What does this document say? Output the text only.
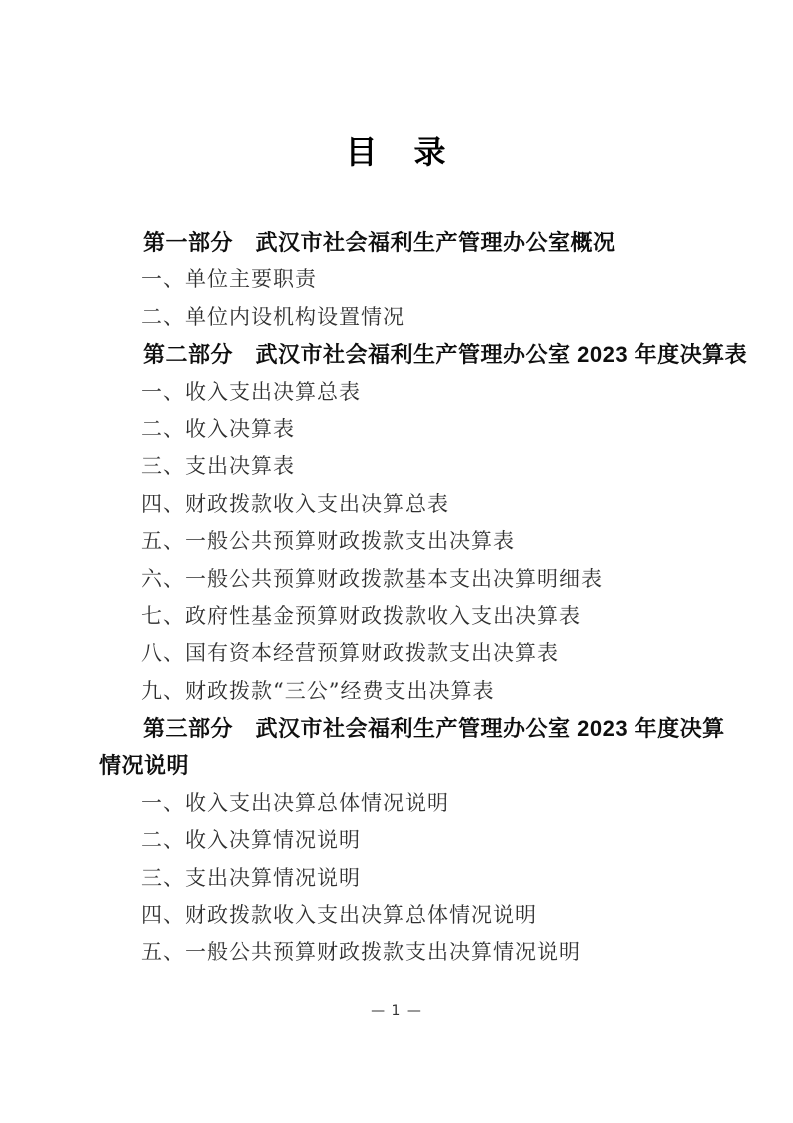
目　录

第一部分　武汉市社会福利生产管理办公室概况

一、单位主要职责

二、单位内设机构设置情况

第二部分　武汉市社会福利生产管理办公室 2023 年度决算表

一、收入支出决算总表

二、收入决算表

三、支出决算表

四、财政拨款收入支出决算总表

五、一般公共预算财政拨款支出决算表

六、一般公共预算财政拨款基本支出决算明细表

七、政府性基金预算财政拨款收入支出决算表

八、国有资本经营预算财政拨款支出决算表

九、财政拨款“三公”经费支出决算表

第三部分　武汉市社会福利生产管理办公室 2023 年度决算

情况说明

一、收入支出决算总体情况说明

二、收入决算情况说明

三、支出决算情况说明

四、财政拨款收入支出决算总体情况说明

五、一般公共预算财政拨款支出决算情况说明

— 1 —
